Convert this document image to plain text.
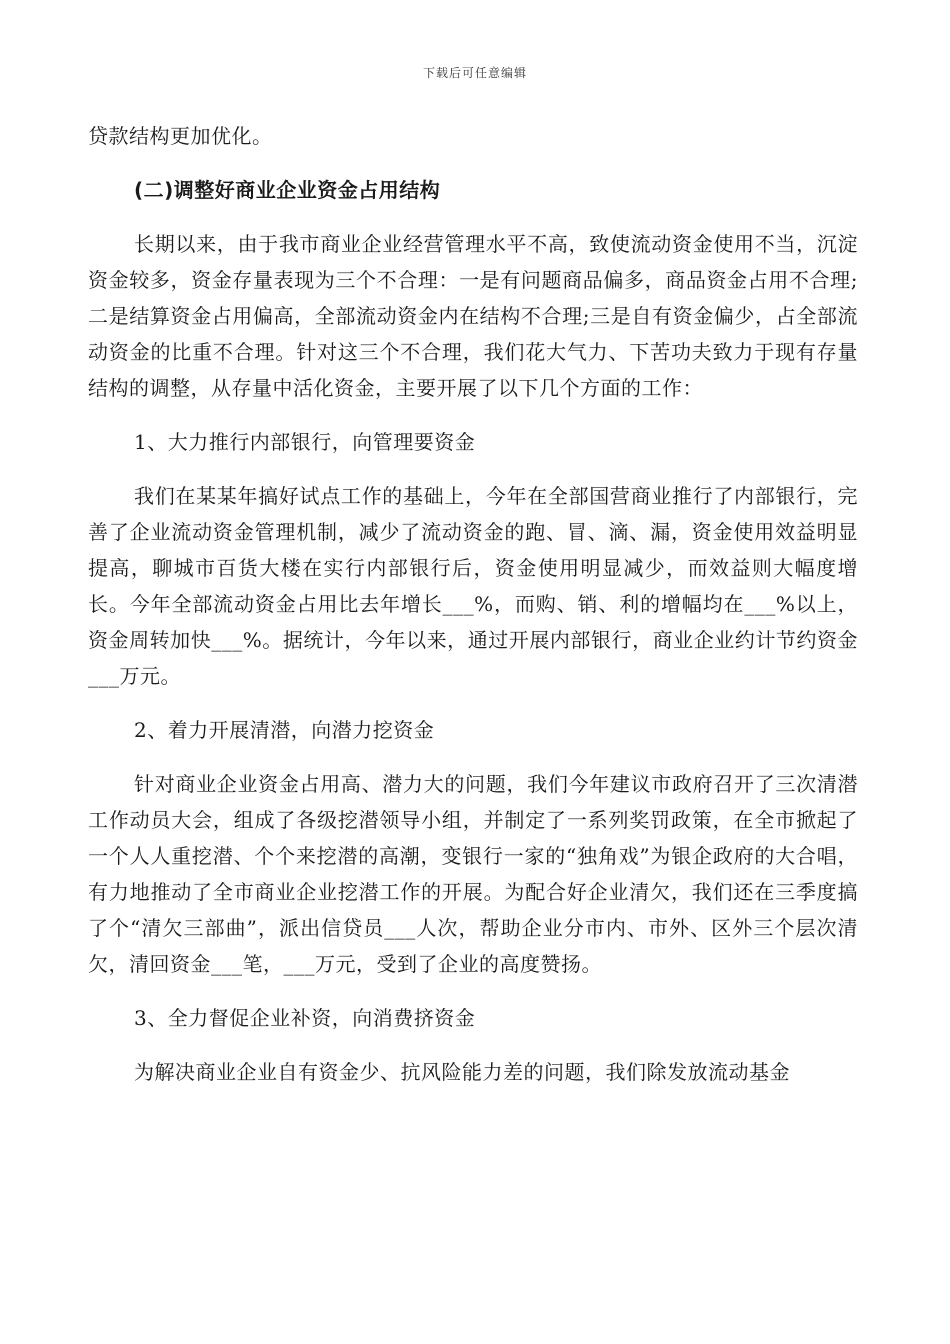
下载后可任意编辑

贷款结构更加优化。

(二)调整好商业企业资金占用结构

长期以来，由于我市商业企业经营管理水平不高，致使流动资金使用不当，沉淀资金较多，资金存量表现为三个不合理：一是有问题商品偏多，商品资金占用不合理;二是结算资金占用偏高，全部流动资金内在结构不合理;三是自有资金偏少，占全部流动资金的比重不合理。针对这三个不合理，我们花大气力、下苦功夫致力于现有存量结构的调整，从存量中活化资金，主要开展了以下几个方面的工作：

1、大力推行内部银行，向管理要资金

我们在某某年搞好试点工作的基础上，今年在全部国营商业推行了内部银行，完善了企业流动资金管理机制，减少了流动资金的跑、冒、滴、漏，资金使用效益明显提高，聊城市百货大楼在实行内部银行后，资金使用明显减少，而效益则大幅度增长。今年全部流动资金占用比去年增长___%，而购、销、利的增幅均在___%以上，资金周转加快___%。据统计，今年以来，通过开展内部银行，商业企业约计节约资金___万元。

2、着力开展清潜，向潜力挖资金

针对商业企业资金占用高、潜力大的问题，我们今年建议市政府召开了三次清潜工作动员大会，组成了各级挖潜领导小组，并制定了一系列奖罚政策，在全市掀起了一个人人重挖潜、个个来挖潜的高潮，变银行一家的“独角戏”为银企政府的大合唱，有力地推动了全市商业企业挖潜工作的开展。为配合好企业清欠，我们还在三季度搞了个“清欠三部曲”，派出信贷员___人次，帮助企业分市内、市外、区外三个层次清欠，清回资金___笔，___万元，受到了企业的高度赞扬。

3、全力督促企业补资，向消费挤资金

为解决商业企业自有资金少、抗风险能力差的问题，我们除发放流动基金
